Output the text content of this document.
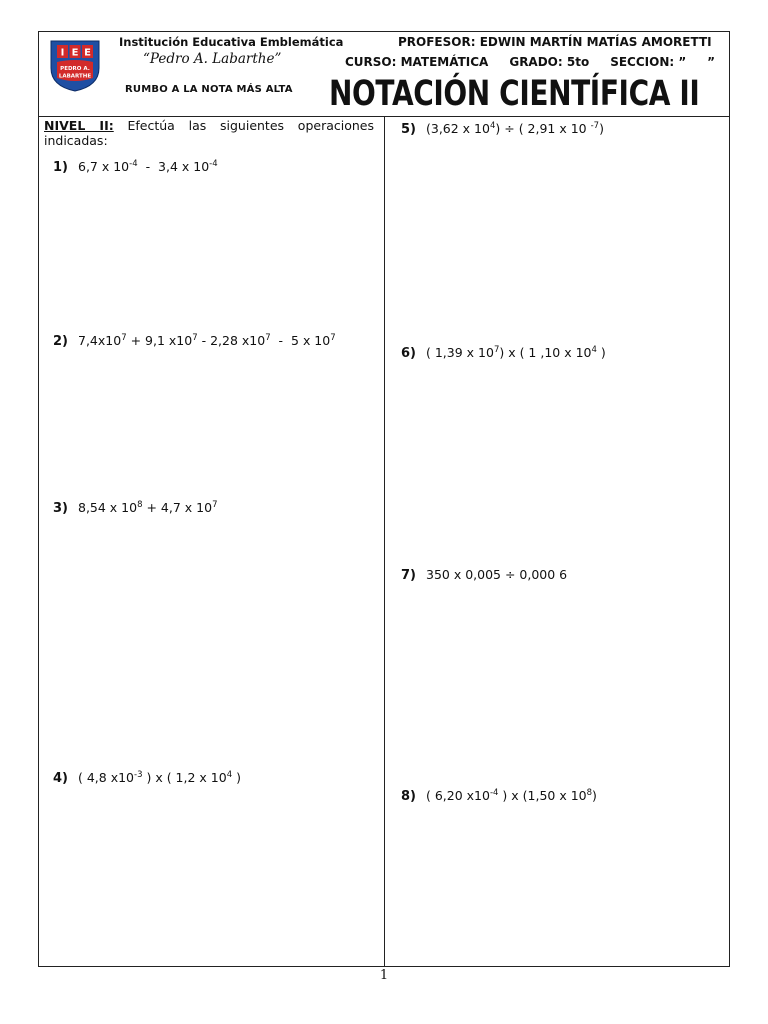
I E E
PEDRO A.
LABARTHE
Institución Educativa Emblemática
“Pedro A. Labarthe”
RUMBO A LA NOTA MÁS ALTA
PROFESOR: EDWIN MARTÍN MATÍAS AMORETTI
CURSO: MATEMÁTICA GRADO: 5to SECCION: ”     ”
NOTACIÓN CIENTÍFICA II
NIVEL II: Efectúa las siguientes operaciones indicadas:
1) 6,7 x $10^{-4} - 3,4$ x $10^{-4}$
2) $7,4x10^7 + 9,1$ $x10^7 - 2,28$ $x10^7 - 5$ x $10^7$
3) 8,54 x $10^8 + 4,7$ x $10^7$
4) ( 4,8 $x10^{-3}$ ) x ( 1,2 x $10^4$ )
5) (3,62 x $10^4$) ÷ ( 2,91 x 10 $^{-7}$)
6) ( 1,39 x $10^7$) x ( 1 ,10 x $10^4$ )
7) 350 x 0,005 ÷ 0,000 6
8) ( 6,20 $x10^{-4}$ ) x (1,50 x $10^8$)
1
